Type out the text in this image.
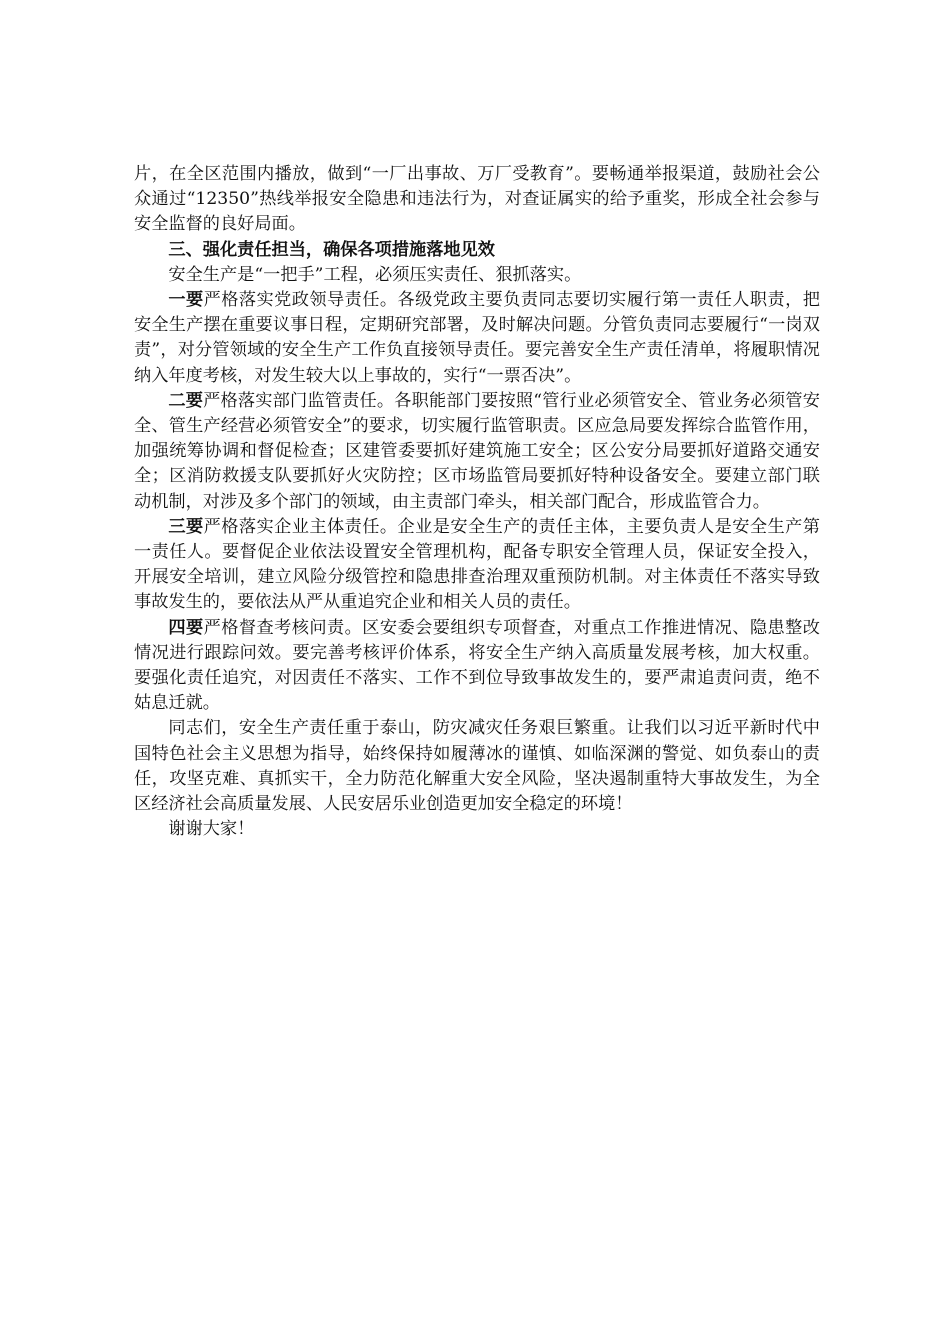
片，在全区范围内播放，做到“一厂出事故、万厂受教育”。要畅通举报渠道，鼓励社会公众通过“12350”热线举报安全隐患和违法行为，对查证属实的给予重奖，形成全社会参与安全监督的良好局面。

三、强化责任担当，确保各项措施落地见效

安全生产是“一把手”工程，必须压实责任、狠抓落实。

一要严格落实党政领导责任。各级党政主要负责同志要切实履行第一责任人职责，把安全生产摆在重要议事日程，定期研究部署，及时解决问题。分管负责同志要履行“一岗双责”，对分管领域的安全生产工作负直接领导责任。要完善安全生产责任清单，将履职情况纳入年度考核，对发生较大以上事故的，实行“一票否决”。

二要严格落实部门监管责任。各职能部门要按照“管行业必须管安全、管业务必须管安全、管生产经营必须管安全”的要求，切实履行监管职责。区应急局要发挥综合监管作用，加强统筹协调和督促检查；区建管委要抓好建筑施工安全；区公安分局要抓好道路交通安全；区消防救援支队要抓好火灾防控；区市场监管局要抓好特种设备安全。要建立部门联动机制，对涉及多个部门的领域，由主责部门牵头，相关部门配合，形成监管合力。

三要严格落实企业主体责任。企业是安全生产的责任主体，主要负责人是安全生产第一责任人。要督促企业依法设置安全管理机构，配备专职安全管理人员，保证安全投入，开展安全培训，建立风险分级管控和隐患排查治理双重预防机制。对主体责任不落实导致事故发生的，要依法从严从重追究企业和相关人员的责任。

四要严格督查考核问责。区安委会要组织专项督查，对重点工作推进情况、隐患整改情况进行跟踪问效。要完善考核评价体系，将安全生产纳入高质量发展考核，加大权重。要强化责任追究，对因责任不落实、工作不到位导致事故发生的，要严肃追责问责，绝不姑息迁就。

同志们，安全生产责任重于泰山，防灾减灾任务艰巨繁重。让我们以习近平新时代中国特色社会主义思想为指导，始终保持如履薄冰的谨慎、如临深渊的警觉、如负泰山的责任，攻坚克难、真抓实干，全力防范化解重大安全风险，坚决遏制重特大事故发生，为全区经济社会高质量发展、人民安居乐业创造更加安全稳定的环境！

谢谢大家！
